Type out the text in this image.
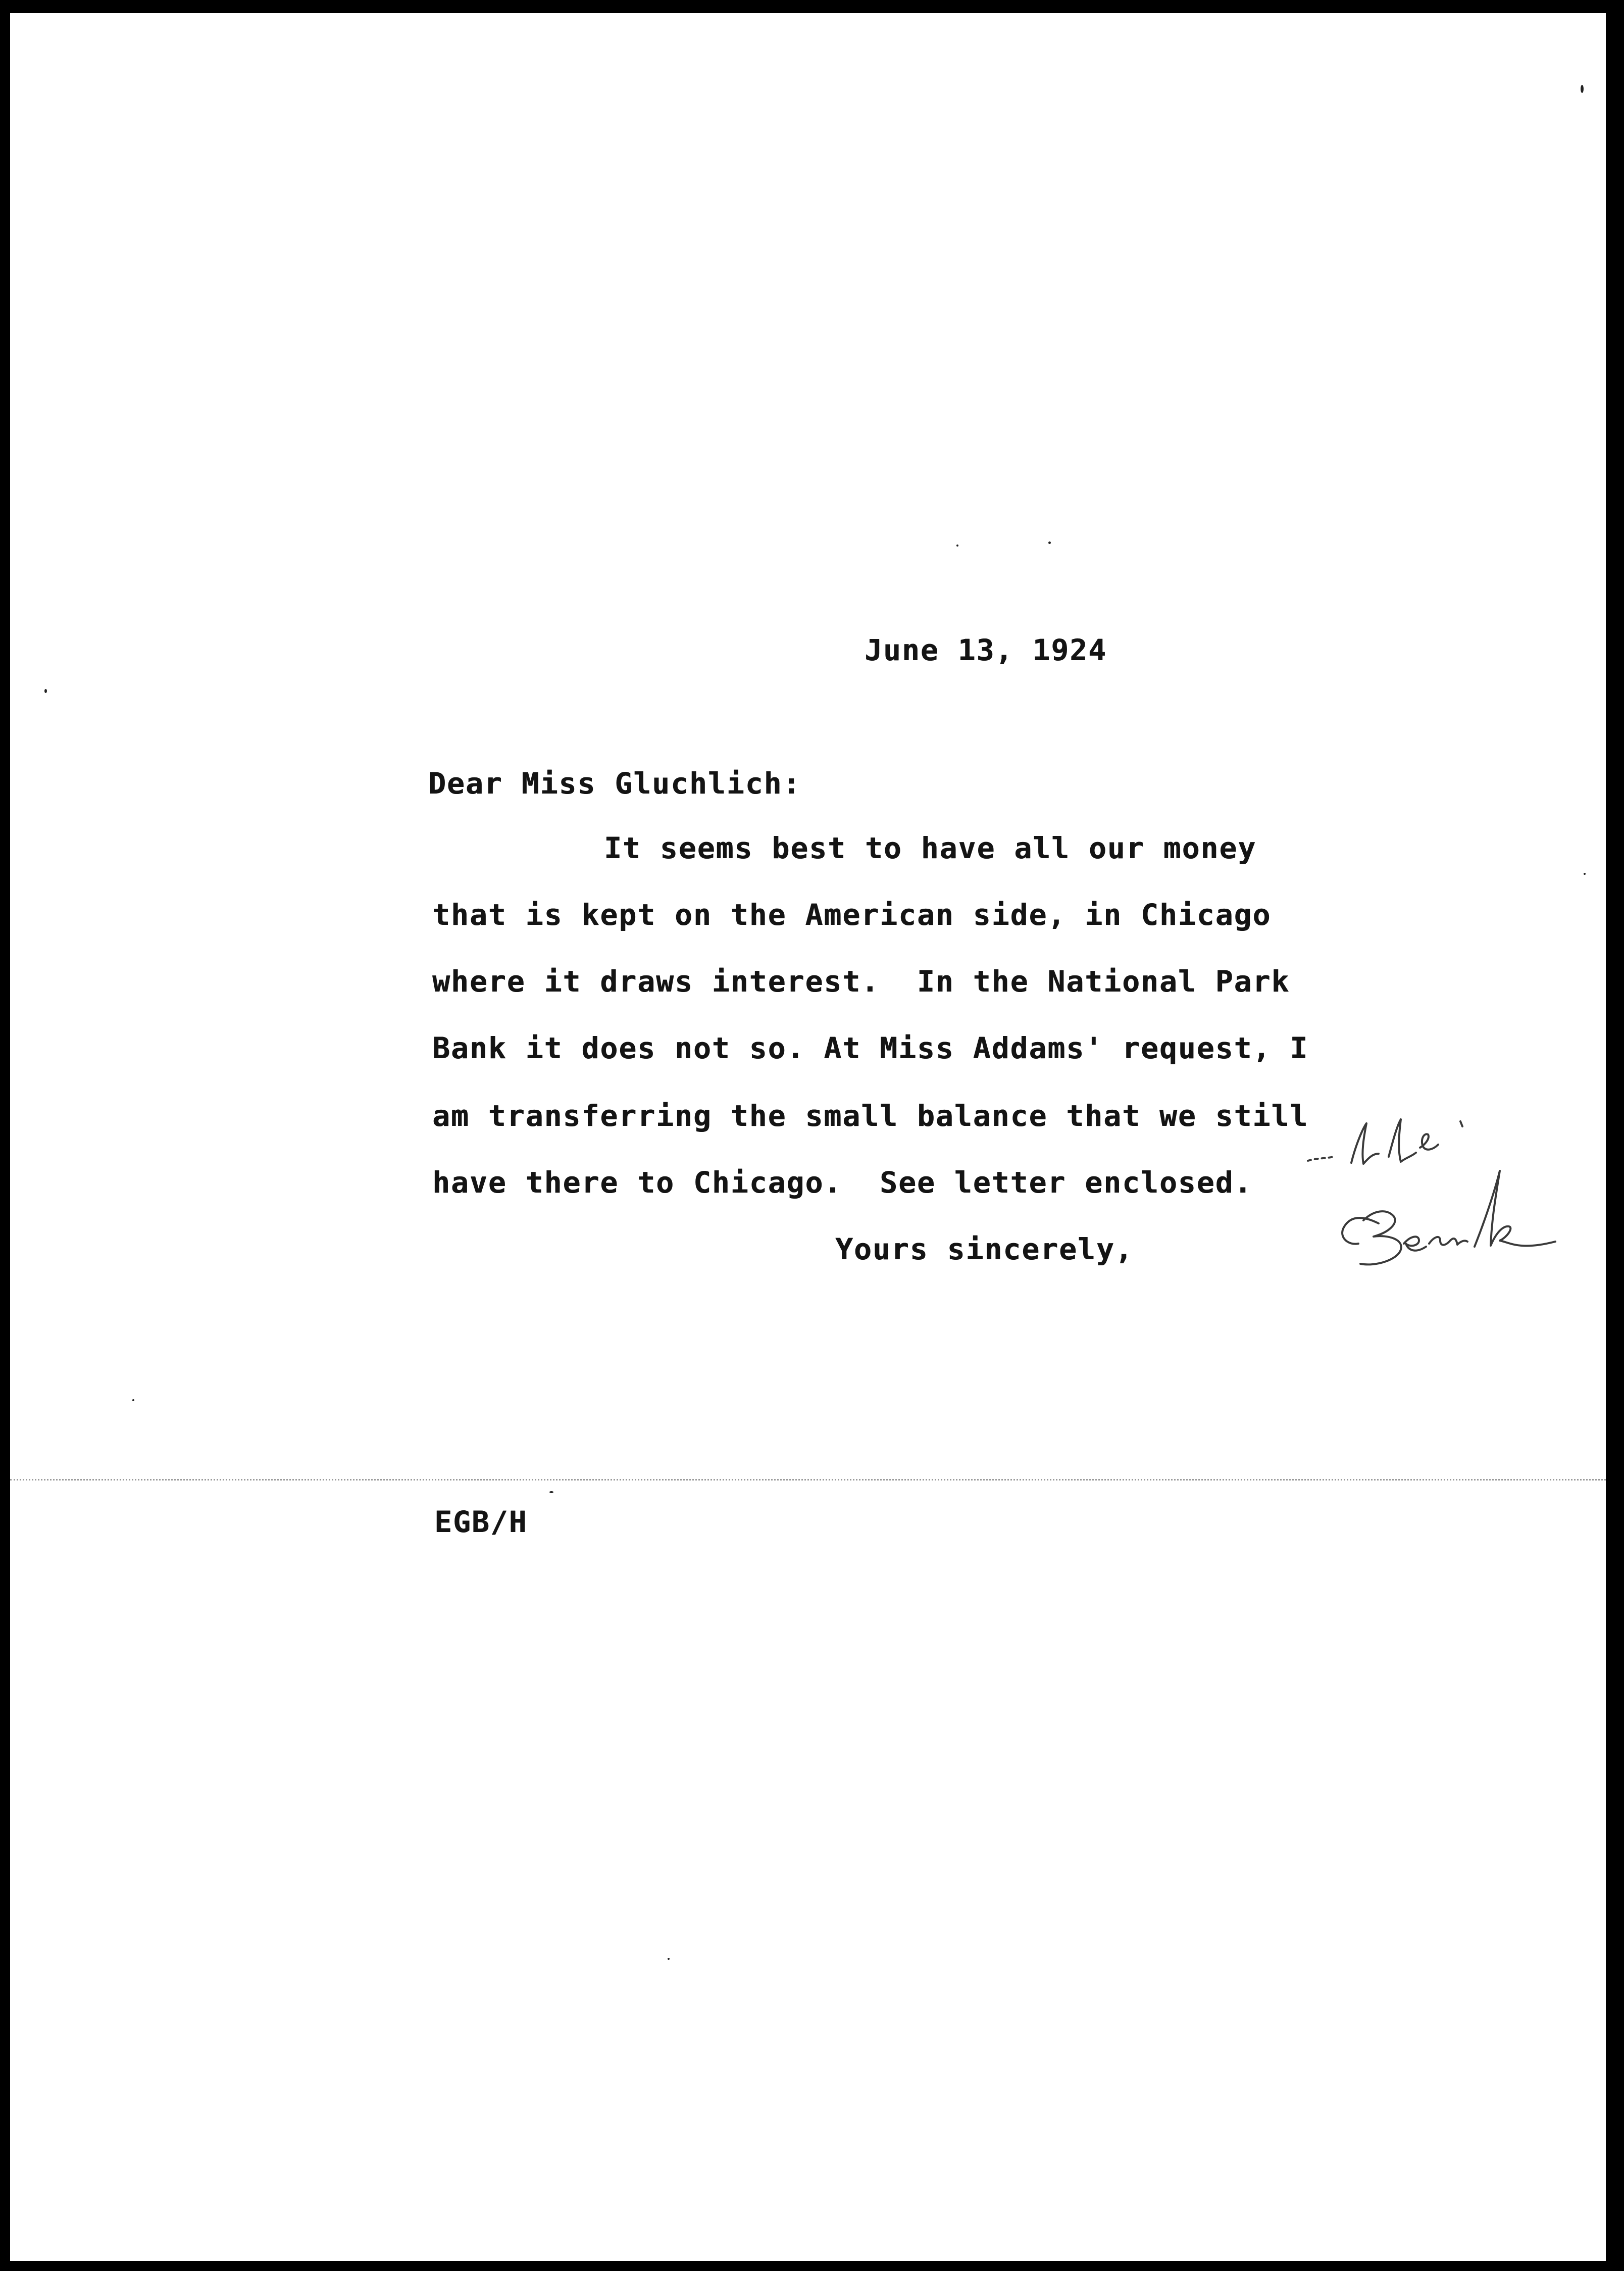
June 13, 1924
Dear Miss Gluchlich:
It seems best to have all our money
that is kept on the American side, in Chicago
where it draws interest.  In the National Park
Bank it does not so. At Miss Addams' request, I
am transferring the small balance that we still
have there to Chicago.  See letter enclosed.
Yours sincerely,
EGB/H
